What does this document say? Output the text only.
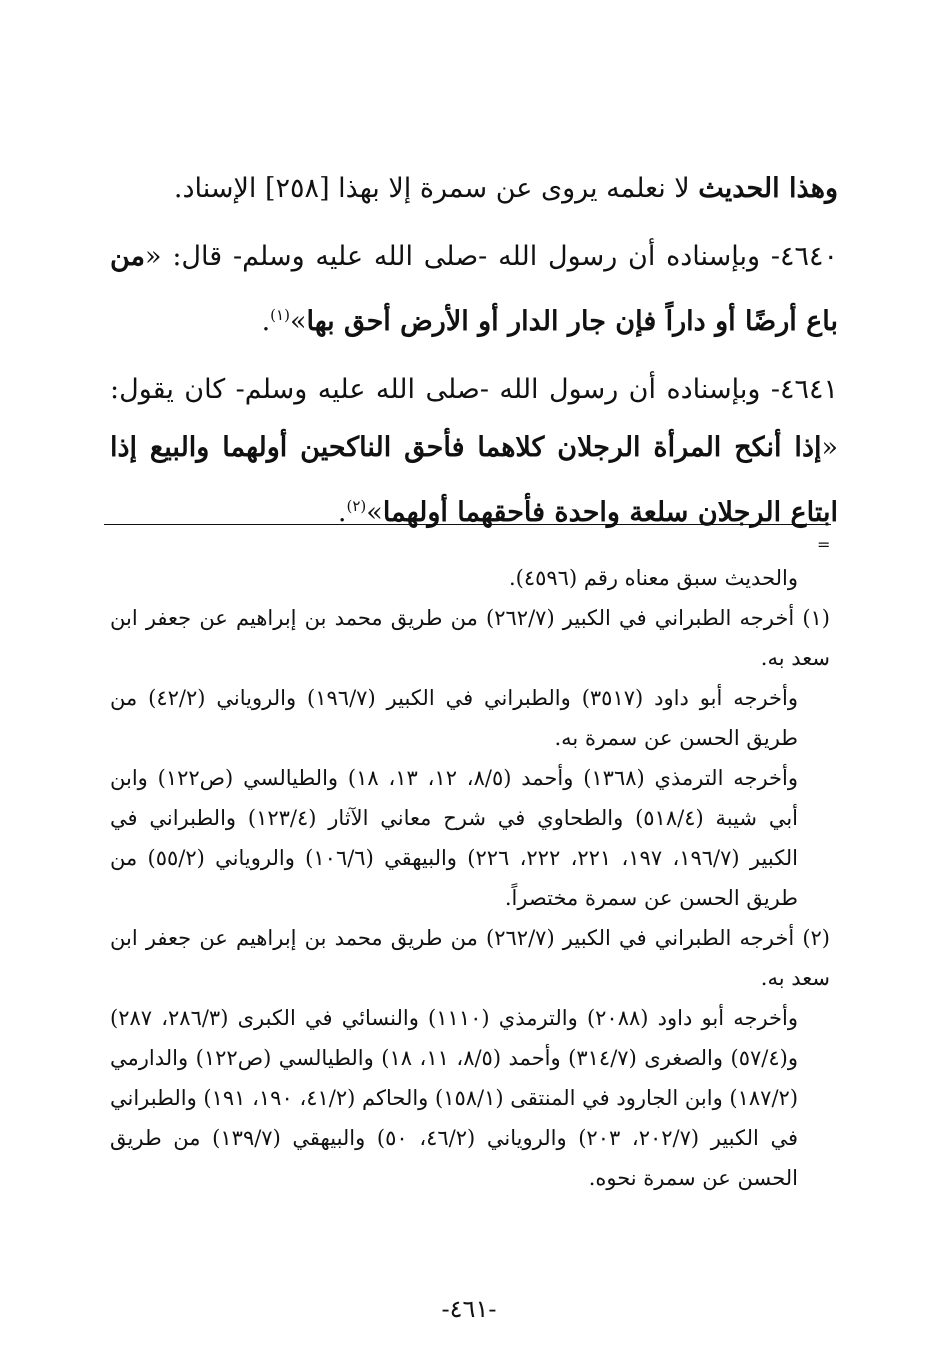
وهذا الحديث لا نعلمه يروى عن سمرة إلا بهذا [٢٥٨] الإسناد.

٤٦٤٠- وبإسناده أن رسول الله -صلى الله عليه وسلم- قال: «من باع أرضًا أو داراً فإن جار الدار أو الأرض أحق بها»$^{(١)}$.

٤٦٤١- وبإسناده أن رسول الله -صلى الله عليه وسلم- كان يقول: «إذا أنكح المرأة الرجلان كلاهما فأحق الناكحين أولهما والبيع إذا ابتاع الرجلان سلعة واحدة فأحقهما أولهما»$^{(٢)}$.

=

والحديث سبق معناه رقم (٤٥٩٦).

(١) أخرجه الطبراني في الكبير (٢٦٢/٧) من طريق محمد بن إبراهيم عن جعفر ابن سعد به.

وأخرجه أبو داود (٣٥١٧) والطبراني في الكبير (١٩٦/٧) والروياني (٤٢/٢) من طريق الحسن عن سمرة به.

وأخرجه الترمذي (١٣٦٨) وأحمد (٨/٥، ١٢، ١٣، ١٨) والطيالسي (ص١٢٢) وابن أبي شيبة (٥١٨/٤) والطحاوي في شرح معاني الآثار (١٢٣/٤) والطبراني في الكبير (١٩٦/٧، ١٩٧، ٢٢١، ٢٢٢، ٢٢٦) والبيهقي (١٠٦/٦) والروياني (٥٥/٢) من طريق الحسن عن سمرة مختصراً.

(٢) أخرجه الطبراني في الكبير (٢٦٢/٧) من طريق محمد بن إبراهيم عن جعفر ابن سعد به.

وأخرجه أبو داود (٢٠٨٨) والترمذي (١١١٠) والنسائي في الكبرى (٢٨٦/٣، ٢٨٧) و(٥٧/٤) والصغرى (٣١٤/٧) وأحمد (٨/٥، ١١، ١٨) والطيالسي (ص١٢٢) والدارمي (١٨٧/٢) وابن الجارود في المنتقى (١٥٨/١) والحاكم (٤١/٢، ١٩٠، ١٩١) والطبراني في الكبير (٢٠٢/٧، ٢٠٣) والروياني (٤٦/٢، ٥٠) والبيهقي (١٣٩/٧) من طريق الحسن عن سمرة نحوه.

-٤٦١-
